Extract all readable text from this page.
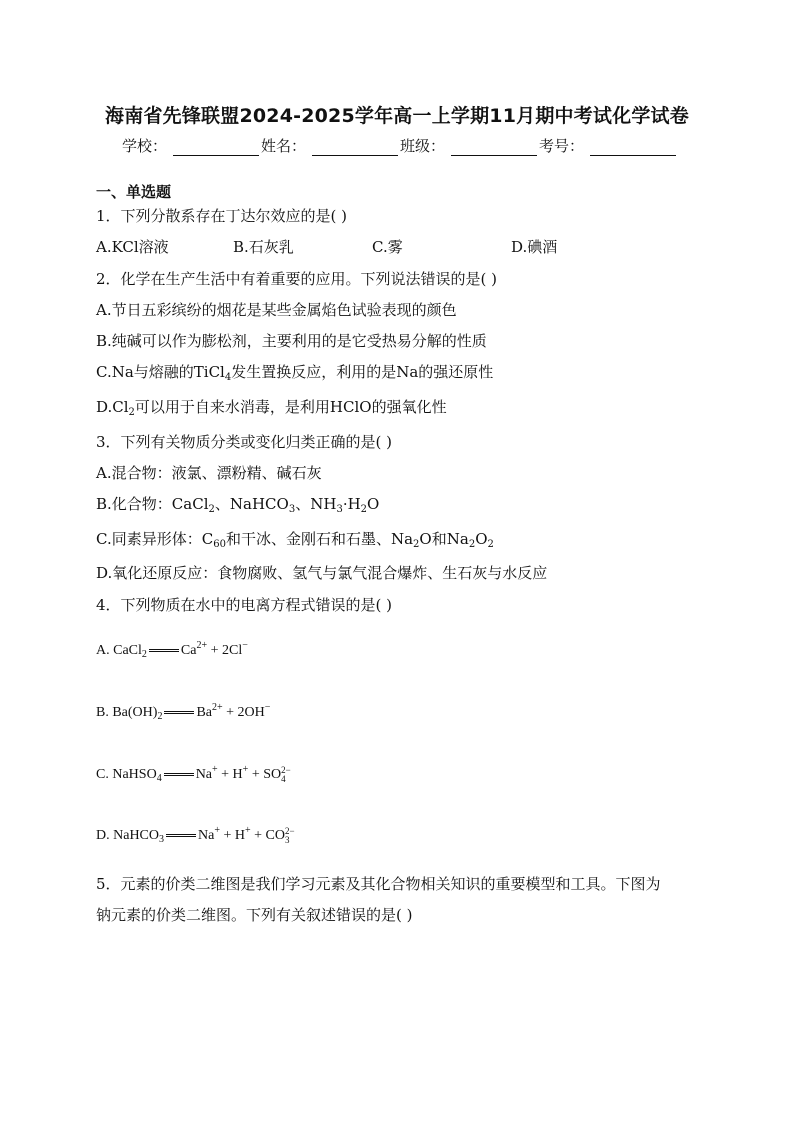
海南省先锋联盟2024-2025学年高一上学期11月期中考试化学试卷
学校：	姓名：	班级：	考号：
一、单选题
1．下列分散系存在丁达尔效应的是( )
A.KCl溶液	B.石灰乳	C.雾	D.碘酒
2．化学在生产生活中有着重要的应用。下列说法错误的是( )
A.节日五彩缤纷的烟花是某些金属焰色试验表现的颜色
B.纯碱可以作为膨松剂，主要利用的是它受热易分解的性质
C.Na与熔融的TiCl$_4$发生置换反应，利用的是Na的强还原性
$D.Cl_2$可以用于自来水消毒，是利用HClO的强氧化性
3．下列有关物质分类或变化归类正确的是( )
A.混合物：液氯、漂粉精、碱石灰
B.化合物：CaCl$_2$、NaHCO$_3$、$NH_3\cdot H_2O$
C.同素异形体：$C_{60}$和干冰、金刚石和石墨、$Na_2O$和$Na_2O_2$
D.氧化还原反应：食物腐败、氢气与氯气混合爆炸、生石灰与水反应
4．下列物质在水中的电离方程式错误的是( )
A. CaCl$_2$ $Ca^{2+} + 2Cl^-$
B. $Ba(OH)_2$ $Ba^{2+} + 2OH^-$
C. NaHSO$_4$ Na+ + H+ + SO 2−
4
D. NaHCO$_3$ Na+ + H+ + CO 2−
3
5．元素的价类二维图是我们学习元素及其化合物相关知识的重要模型和工具。下图为
钠元素的价类二维图。下列有关叙述错误的是( )
